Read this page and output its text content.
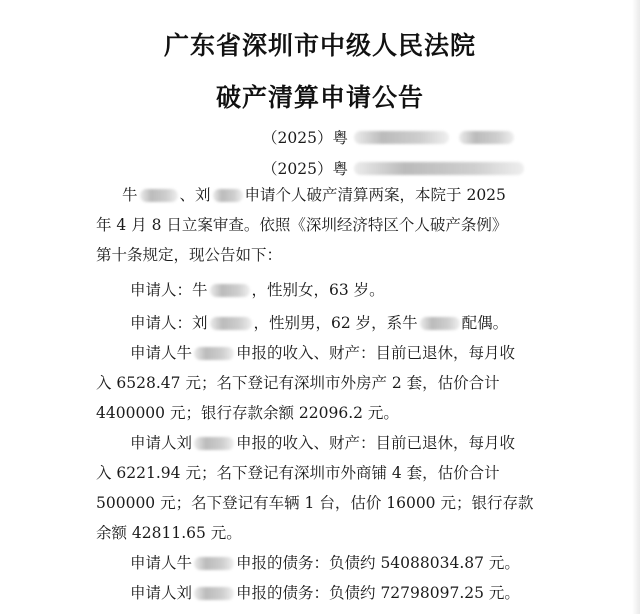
广东省深圳市中级人民法院
破产清算申请公告
（2025）粤
（2025）粤
牛	、刘 申请个人破产清算两案，本院于 2025
年 4 月 8 日立案审查。依照《深圳经济特区个人破产条例》
第十条规定，现公告如下：
申请人：牛	，性别女，63 岁。
申请人：刘	，性别男，62 岁，系牛	配偶。
申请人牛	申报的收入、财产：目前已退休，每月收
入 6528.47 元；名下登记有深圳市外房产 2 套，估价合计
4400000 元；银行存款余额 22096.2 元。
申请人刘	申报的收入、财产：目前已退休，每月收
入 6221.94 元；名下登记有深圳市外商铺 4 套，估价合计
500000 元；名下登记有车辆 1 台，估价 16000 元；银行存款
余额 42811.65 元。
申请人牛	申报的债务：负债约 54088034.87 元。
申请人刘	申报的债务：负债约 72798097.25 元。
